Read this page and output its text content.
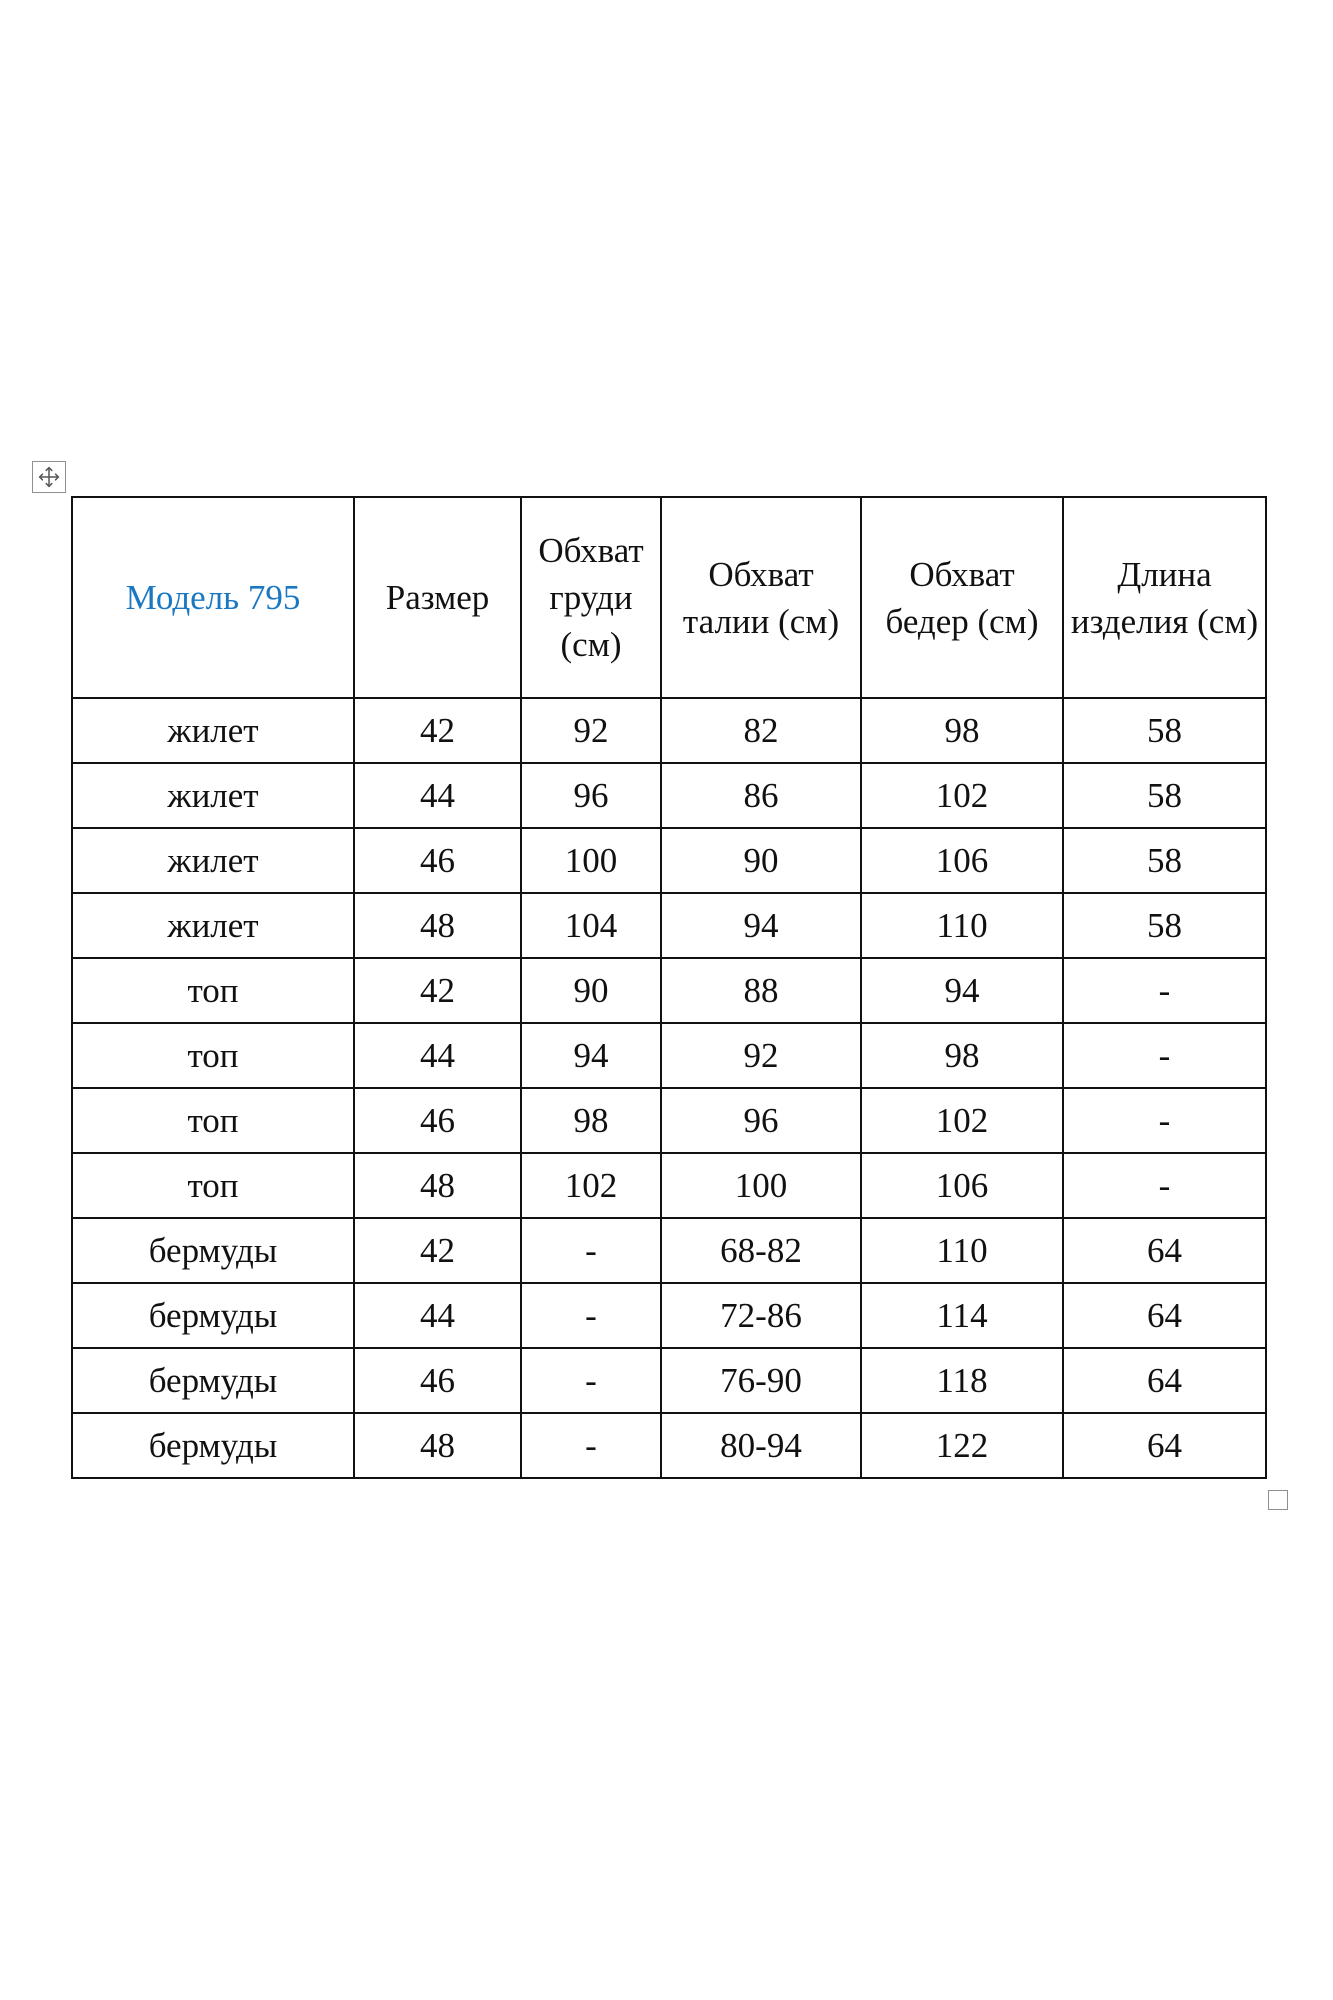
Модель 795	Размер	Обхват груди (см)	Обхват талии (см)	Обхват бедер (см)	Длина изделия (см)

жилет	42	92	82	98	58
жилет	44	96	86	102	58
жилет	46	100	90	106	58
жилет	48	104	94	110	58
топ	42	90	88	94	-
топ	44	94	92	98	-
топ	46	98	96	102	-
топ	48	102	100	106	-
бермуды	42	-	68-82	110	64
бермуды	44	-	72-86	114	64
бермуды	46	-	76-90	118	64
бермуды	48	-	80-94	122	64
